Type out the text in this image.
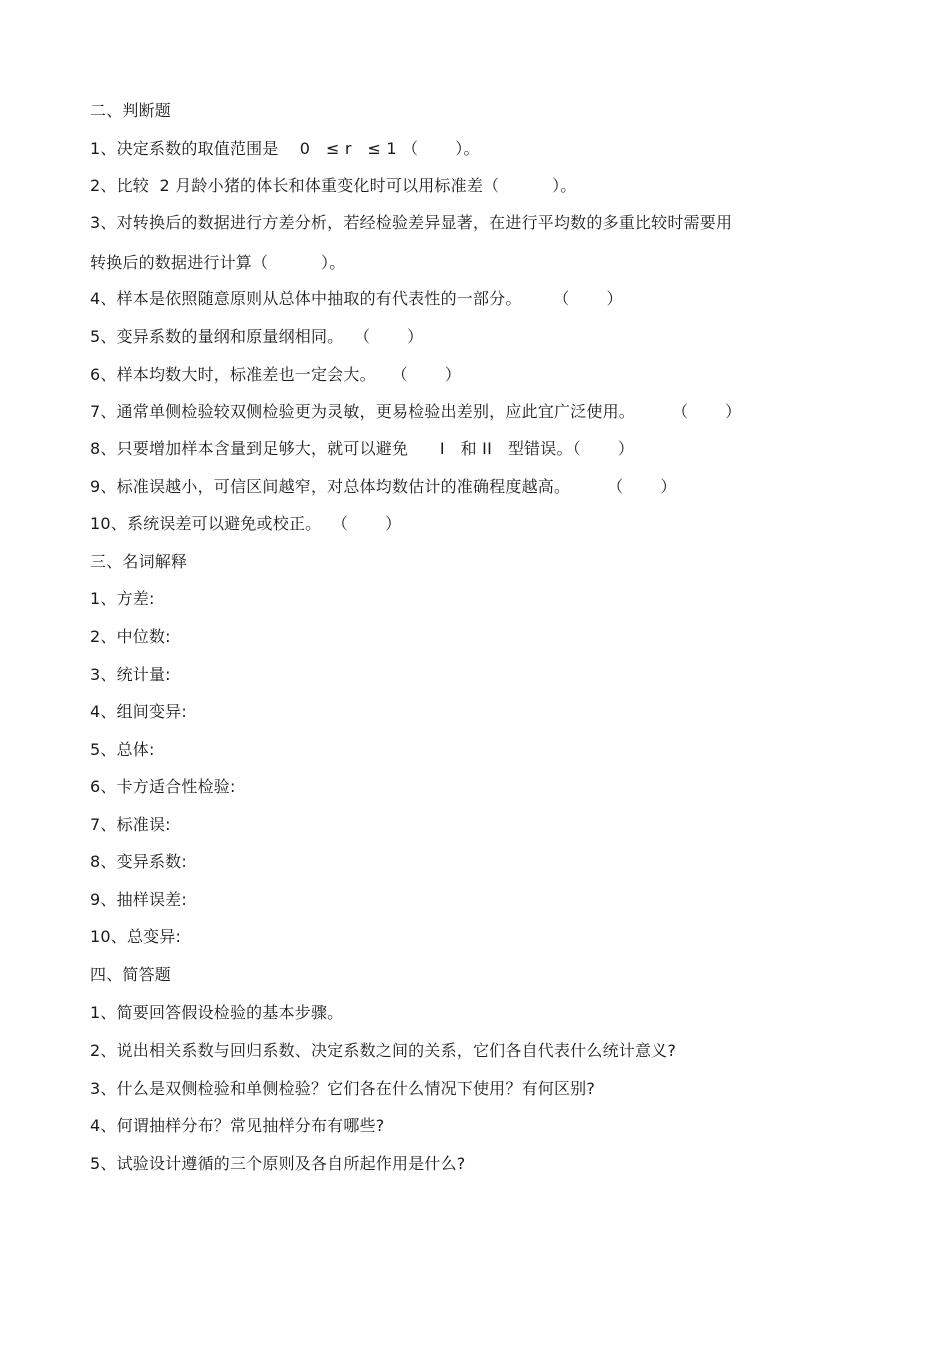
二、判断题
1、决定系数的取值范围是    0   ≤ r   ≤ 1 （       ）。
2、比较  2 月龄小猪的体长和体重变化时可以用标准差（          ）。
3、对转换后的数据进行方差分析，若经检验差异显著，在进行平均数的多重比较时需要用
转换后的数据进行计算（          ）。
4、样本是依照随意原则从总体中抽取的有代表性的一部分。      （       ）
5、变异系数的量纲和原量纲相同。  （       ）
6、样本均数大时，标准差也一定会大。   （       ）
7、通常单侧检验较双侧检验更为灵敏，更易检验出差别，应此宜广泛使用。       （       ）
8、只要增加样本含量到足够大，就可以避免      I   和 II   型错误。（       ）
9、标准误越小，可信区间越窄，对总体均数估计的准确程度越高。       （       ）
10、系统误差可以避免或校正。  （       ）
三、名词解释
1、方差:
2、中位数:
3、统计量:
4、组间变异:
5、总体:
6、卡方适合性检验:
7、标准误:
8、变异系数:
9、抽样误差:
10、总变异:
四、简答题
1、简要回答假设检验的基本步骤。
2、说出相关系数与回归系数、决定系数之间的关系，它们各自代表什么统计意义?
3、什么是双侧检验和单侧检验？它们各在什么情况下使用？有何区别?
4、何谓抽样分布？常见抽样分布有哪些?
5、试验设计遵循的三个原则及各自所起作用是什么?
